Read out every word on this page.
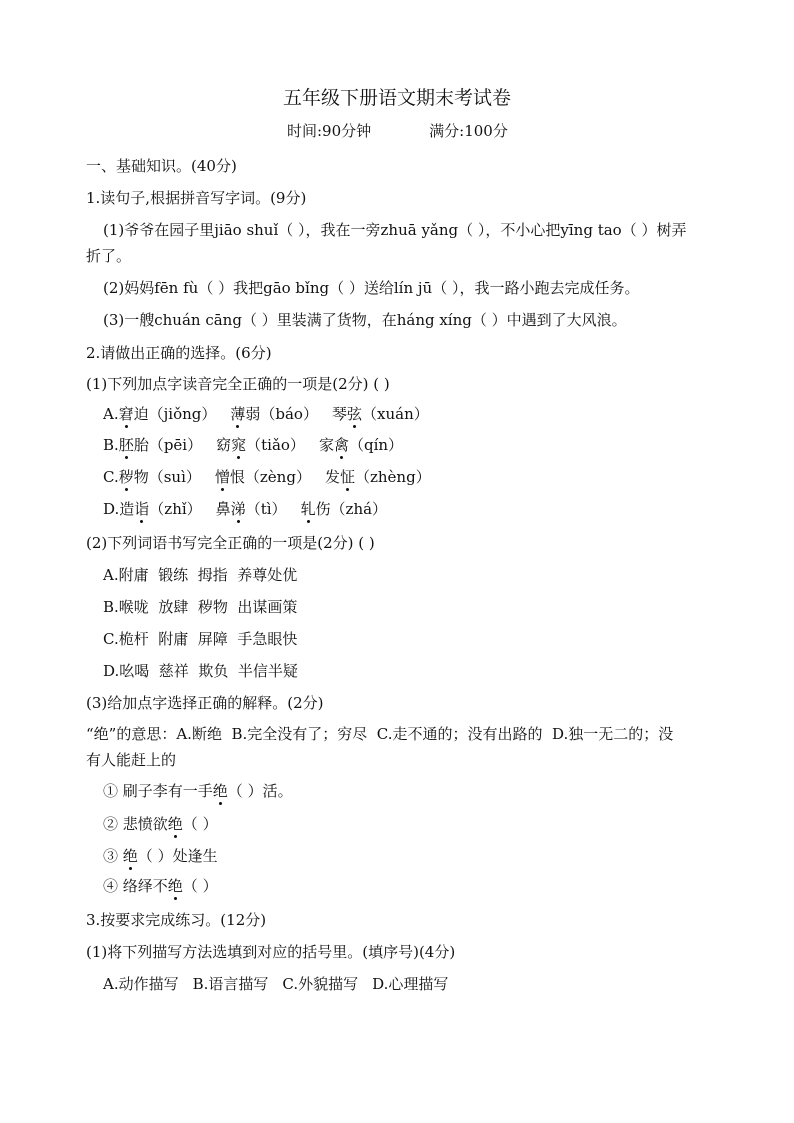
五年级下册语文期末考试卷
时间:90分钟	满分:100分
一、基础知识。(40分)
1.读句子,根据拼音写字词。(9分)
(1)爷爷在园子里jiāo shuǐ（ ），我在一旁zhuā yǎng（ ），不小心把yīng tao（ ）树弄
折了。
(2)妈妈fēn fù（ ）我把gāo bǐng（ ）送给lín jū（ ），我一路小跑去完成任务。
(3)一艘chuán cāng（ ）里装满了货物，在háng xíng（ ）中遇到了大风浪。
2.请做出正确的选择。(6分)
(1)下列加点字读音完全正确的一项是(2分) ( )
A.窘迫（jiǒng） 薄弱（báo） 琴弦（xuán）
B.胚胎（pēi） 窈窕（tiǎo） 家禽（qín）
C.秽物（suì） 憎恨（zèng） 发怔（zhèng）
D.造诣（zhǐ） 鼻涕（tì） 轧伤（zhá）
(2)下列词语书写完全正确的一项是(2分) ( )
A.附庸  锻练  拇指  养尊处优
B.喉咙  放肆  秽物  出谋画策
C.桅杆  附庸  屏障  手急眼快
D.吆喝  慈祥  欺负  半信半疑
(3)给加点字选择正确的解释。(2分)
“绝”的意思：A.断绝  B.完全没有了；穷尽  C.走不通的；没有出路的  D.独一无二的；没
有人能赶上的
① 刷子李有一手绝（ ）活。
② 悲愤欲绝（ ）
③ 绝（ ）处逢生
④ 络绎不绝（ ）
3.按要求完成练习。(12分)
(1)将下列描写方法选填到对应的括号里。(填序号)(4分)
A.动作描写 B.语言描写 C.外貌描写 D.心理描写
